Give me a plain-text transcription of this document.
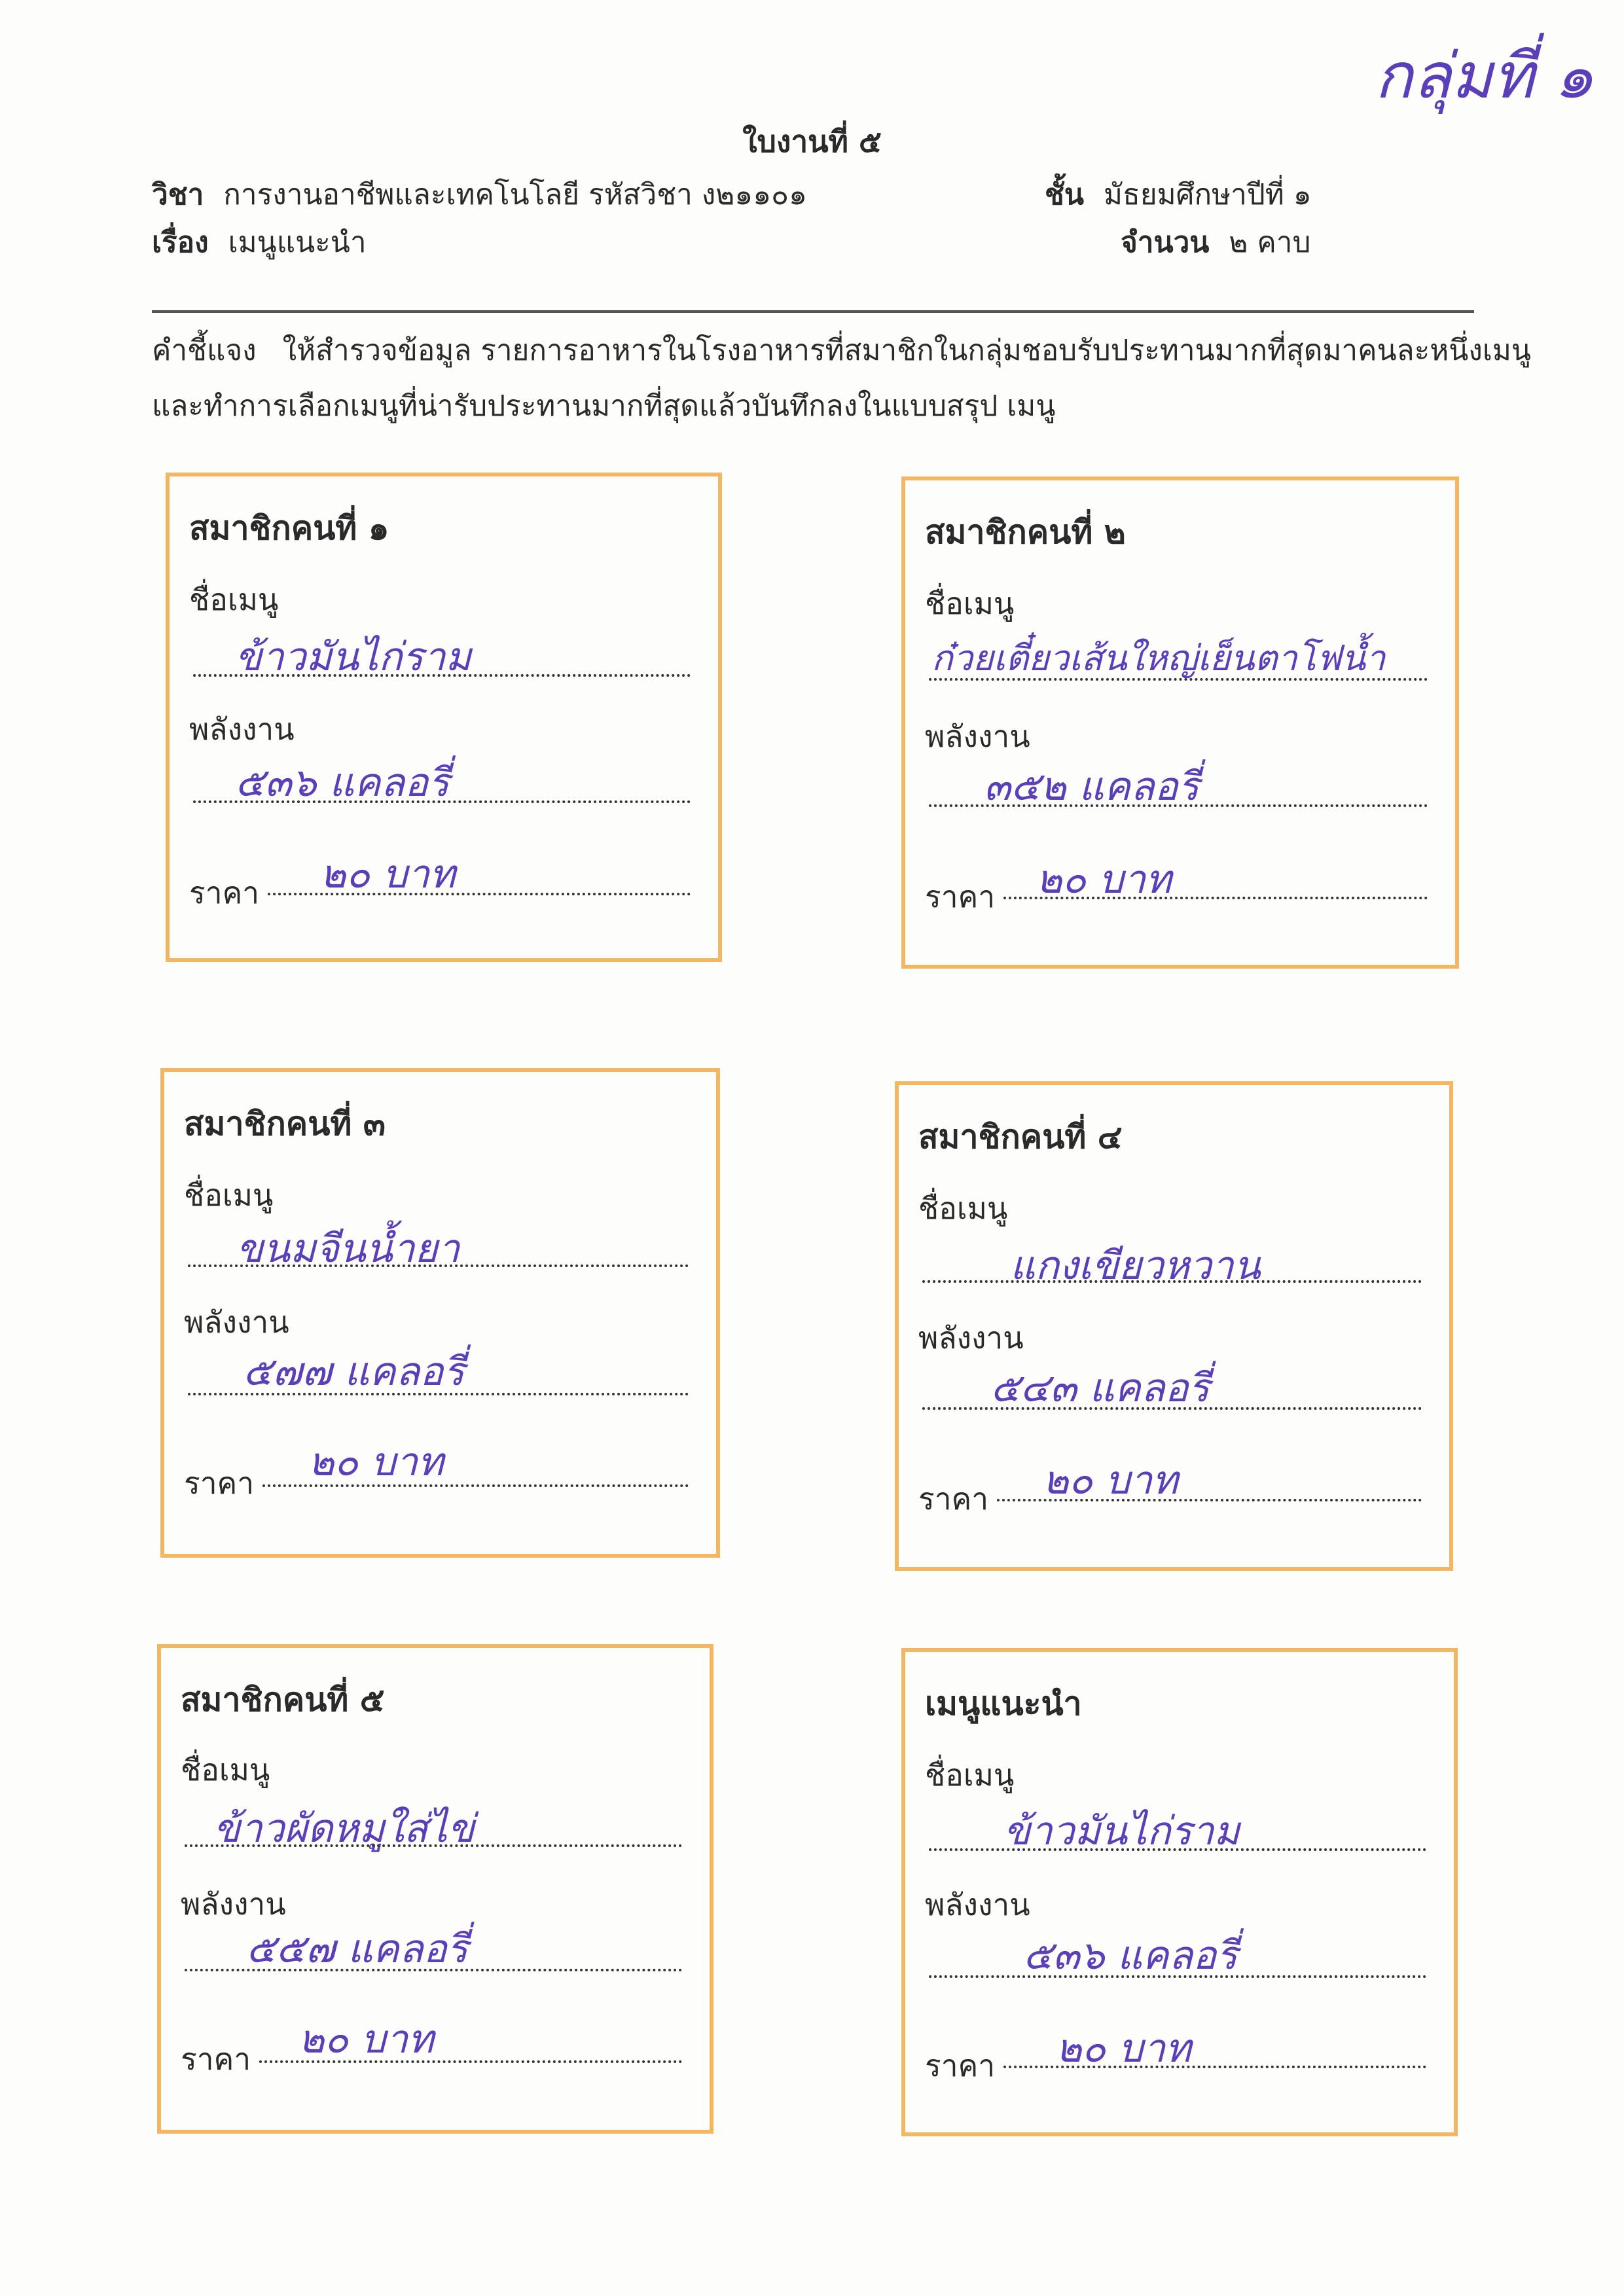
กลุ่มที่ ๑
ใบงานที่ ๕
วิชา การงานอาชีพและเทคโนโลยี รหัสวิชา ง๒๑๑๐๑	ชั้น มัธยมศึกษาปีที่ ๑
เรื่อง เมนูแนะนำ	จำนวน ๒ คาบ
คำชี้แจง ให้สำรวจข้อมูล รายการอาหารในโรงอาหารที่สมาชิกในกลุ่มชอบรับประทานมากที่สุดมาคนละหนึ่งเมนู
และทำการเลือกเมนูที่น่ารับประทานมากที่สุดแล้วบันทึกลงในแบบสรุป เมนู
สมาชิกคนที่ ๑
ชื่อเมนู
ข้าวมันไก่ราม
พลังงาน
๕๓๖ แคลอรี่
ราคา ๒๐ บาท
สมาชิกคนที่ ๒
ชื่อเมนู
ก๋วยเตี๋ยวเส้นใหญ่เย็นตาโฟน้ำ
พลังงาน
๓๕๒ แคลอรี่
ราคา ๒๐ บาท
สมาชิกคนที่ ๓
ชื่อเมนู
ขนมจีนน้ำยา
พลังงาน
๕๗๗ แคลอรี่
ราคา ๒๐ บาท
สมาชิกคนที่ ๔
ชื่อเมนู
แกงเขียวหวาน
พลังงาน
๕๔๓ แคลอรี่
ราคา ๒๐ บาท
สมาชิกคนที่ ๕
ชื่อเมนู
ข้าวผัดหมูใส่ไข่
พลังงาน
๕๕๗ แคลอรี่
ราคา ๒๐ บาท
เมนูแนะนำ
ชื่อเมนู
ข้าวมันไก่ราม
พลังงาน
๕๓๖ แคลอรี่
ราคา ๒๐ บาท
